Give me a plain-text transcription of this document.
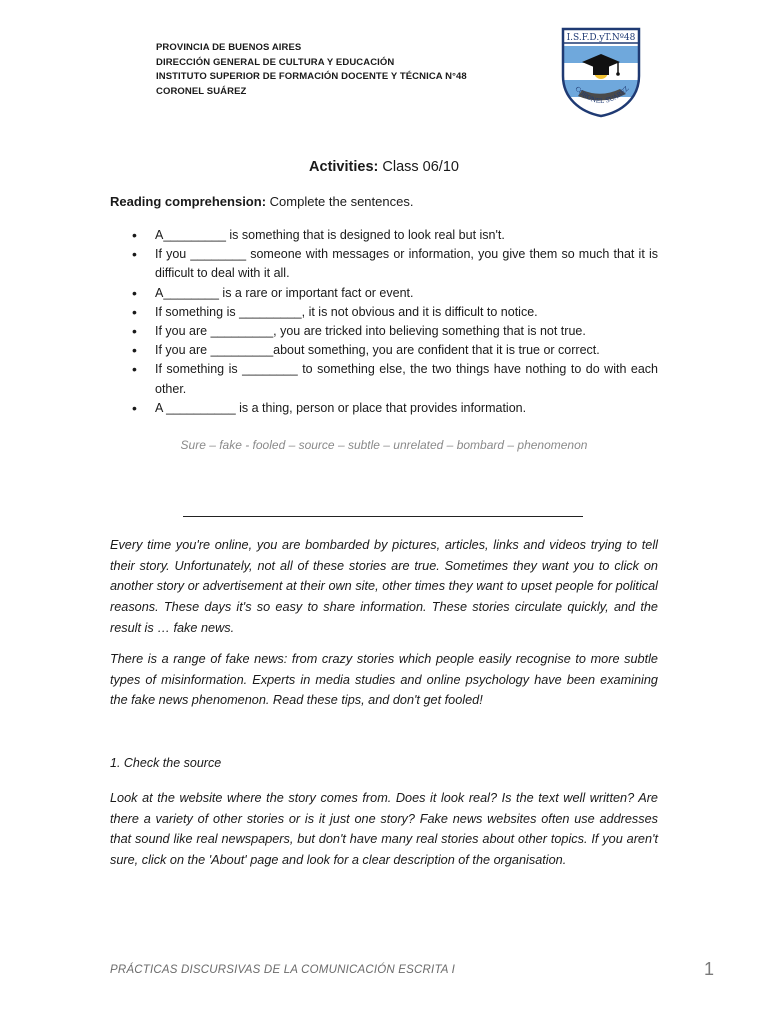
PROVINCIA DE BUENOS AIRES
DIRECCIÓN GENERAL DE CULTURA Y EDUCACIÓN
INSTITUTO SUPERIOR DE FORMACIÓN DOCENTE Y TÉCNICA N°48
CORONEL SUÁREZ
I.S.F.D.yT.Nº48
CORONEL SUÁREZ
Activities: Class 06/10
Reading comprehension: Complete the sentences.
• A_________ is something that is designed to look real but isn't.
• If you ________ someone with messages or information, you give them so much that it is difficult to deal with it all.
• A________ is a rare or important fact or event.
• If something is _________, it is not obvious and it is difficult to notice.
• If you are _________, you are tricked into believing something that is not true.
• If you are _________about something, you are confident that it is true or correct.
• If something is ________ to something else, the two things have nothing to do with each other.
• A __________ is a thing, person or place that provides information.
Sure – fake - fooled – source – subtle – unrelated – bombard – phenomenon

Every time you're online, you are bombarded by pictures, articles, links and videos trying to tell their story. Unfortunately, not all of these stories are true. Sometimes they want you to click on another story or advertisement at their own site, other times they want to upset people for political reasons. These days it's so easy to share information. These stories circulate quickly, and the result is … fake news.

There is a range of fake news: from crazy stories which people easily recognise to more subtle types of misinformation. Experts in media studies and online psychology have been examining the fake news phenomenon. Read these tips, and don't get fooled!

1. Check the source

Look at the website where the story comes from. Does it look real? Is the text well written? Are there a variety of other stories or is it just one story? Fake news websites often use addresses that sound like real newspapers, but don't have many real stories about other topics. If you aren't sure, click on the 'About' page and look for a clear description of the organisation.

PRÁCTICAS DISCURSIVAS DE LA COMUNICACIÓN ESCRITA I	1
